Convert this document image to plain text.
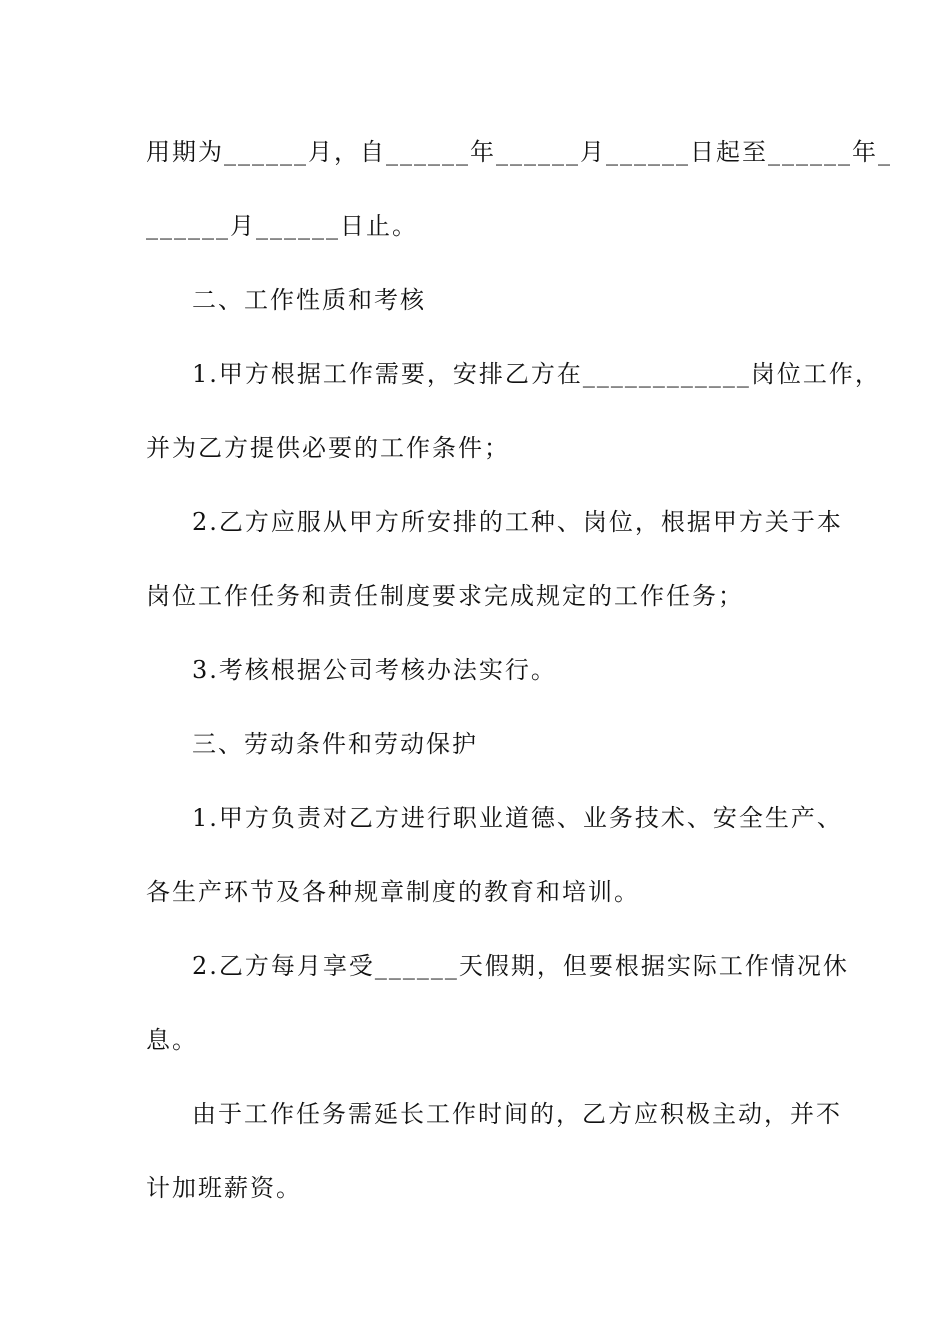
用期为______月，自______年______月______日起至______年_
______月______日止。
二、工作性质和考核
1.甲方根据工作需要，安排乙方在____________岗位工作，
并为乙方提供必要的工作条件；
2.乙方应服从甲方所安排的工种、岗位，根据甲方关于本
岗位工作任务和责任制度要求完成规定的工作任务；
3.考核根据公司考核办法实行。
三、劳动条件和劳动保护
1.甲方负责对乙方进行职业道德、业务技术、安全生产、
各生产环节及各种规章制度的教育和培训。
2.乙方每月享受______天假期，但要根据实际工作情况休
息。
由于工作任务需延长工作时间的，乙方应积极主动，并不
计加班薪资。
